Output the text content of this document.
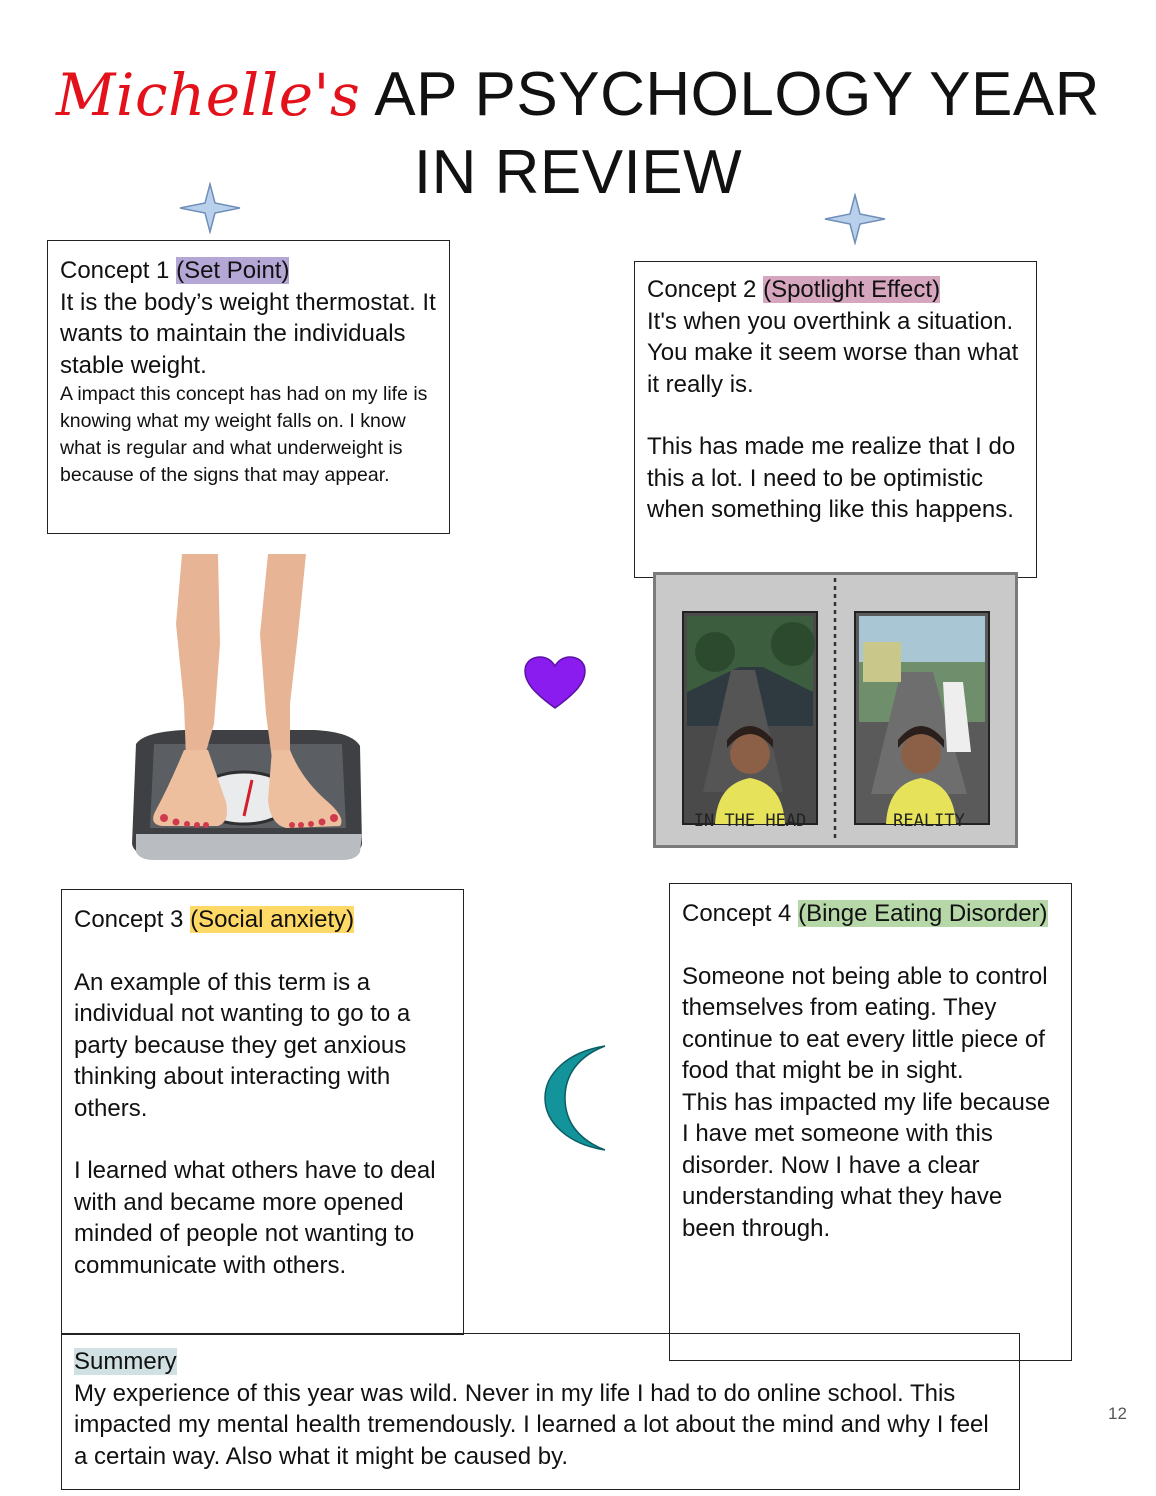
Michelle's AP PSYCHOLOGY YEAR
IN REVIEW

Concept 1 (Set Point)

It is the body’s weight thermostat. It wants to maintain the individuals stable weight.

A impact this concept has had on my life is knowing what my weight falls on. I know what is regular and what underweight is because of the signs that may appear.

Concept 2 (Spotlight Effect)

It's when you overthink a situation. You make it seem worse than what it really is.

This has made me realize that I do this a lot. I need to be optimistic when something like this happens.

IN THE HEAD	REALITY

Concept 3 (Social anxiety)

An example of this term is a individual not wanting to go to a party because they get anxious thinking about interacting with others.

I learned what others have to deal with and became more opened minded of people not wanting to communicate with others.

Concept 4 (Binge Eating Disorder)

Someone not being able to control themselves from eating. They continue to eat every little piece of food that might be in sight.

This has impacted my life because I have met someone with this disorder. Now I have a clear understanding what they have been through.

Summery

My experience of this year was wild. Never in my life I had to do online school. This impacted my mental health tremendously. I learned a lot about the mind and why I feel a certain way. Also what it might be caused by.

12
